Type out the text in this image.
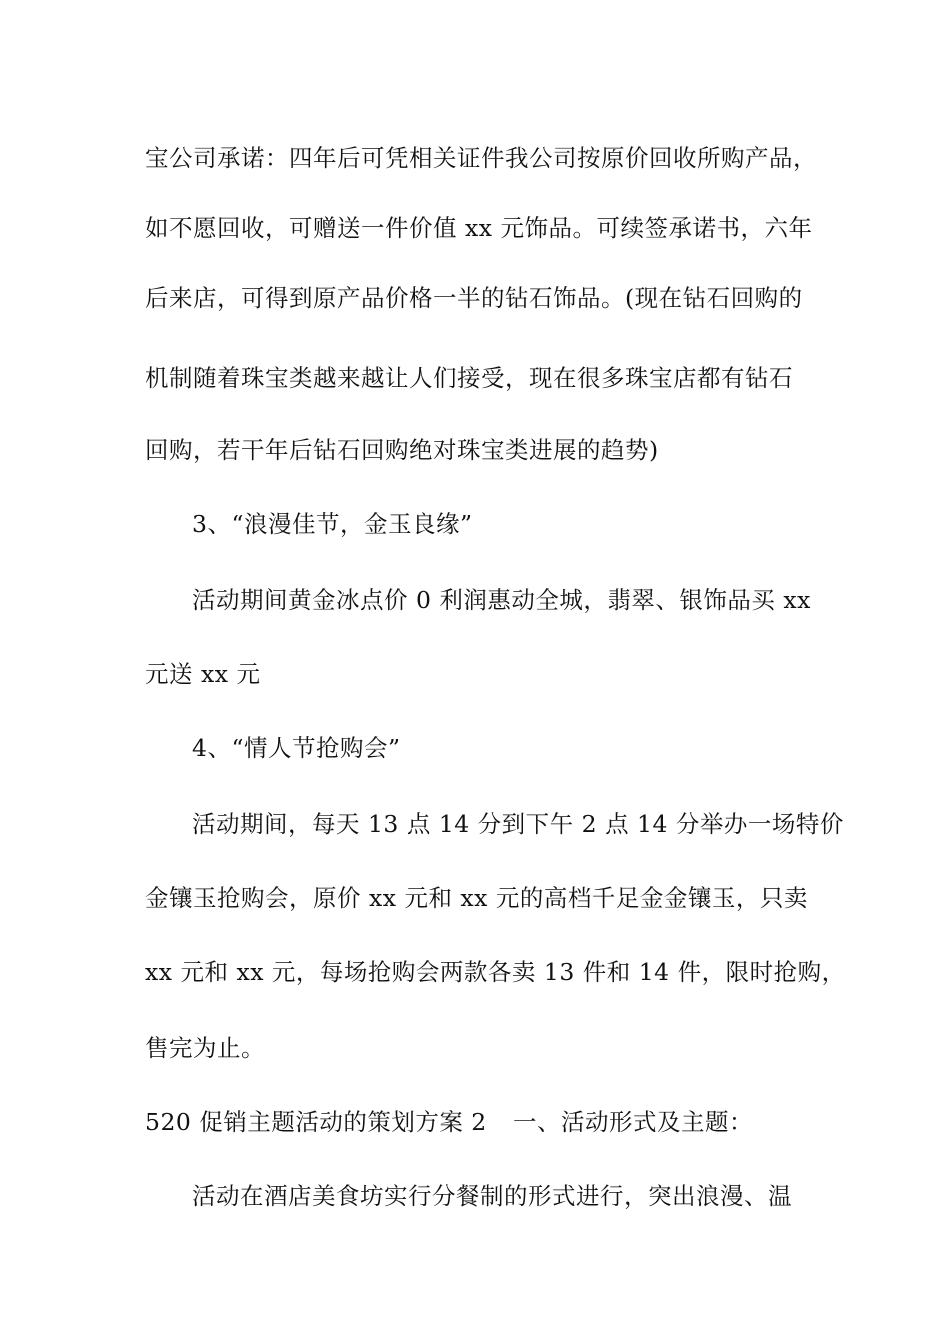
宝公司承诺：四年后可凭相关证件我公司按原价回收所购产品，
如不愿回收，可赠送一件价值 xx 元饰品。可续签承诺书，六年
后来店，可得到原产品价格一半的钻石饰品。(现在钻石回购的
机制随着珠宝类越来越让人们接受，现在很多珠宝店都有钻石
回购，若干年后钻石回购绝对珠宝类进展的趋势)
3、“浪漫佳节，金玉良缘”
活动期间黄金冰点价 0 利润惠动全城，翡翠、银饰品买 xx
元送 xx 元
4、“情人节抢购会”
活动期间，每天 13 点 14 分到下午 2 点 14 分举办一场特价
金镶玉抢购会，原价 xx 元和 xx 元的高档千足金金镶玉，只卖
xx 元和 xx 元，每场抢购会两款各卖 13 件和 14 件，限时抢购，
售完为止。
520 促销主题活动的策划方案 2 一、活动形式及主题：
活动在酒店美食坊实行分餐制的形式进行，突出浪漫、温
